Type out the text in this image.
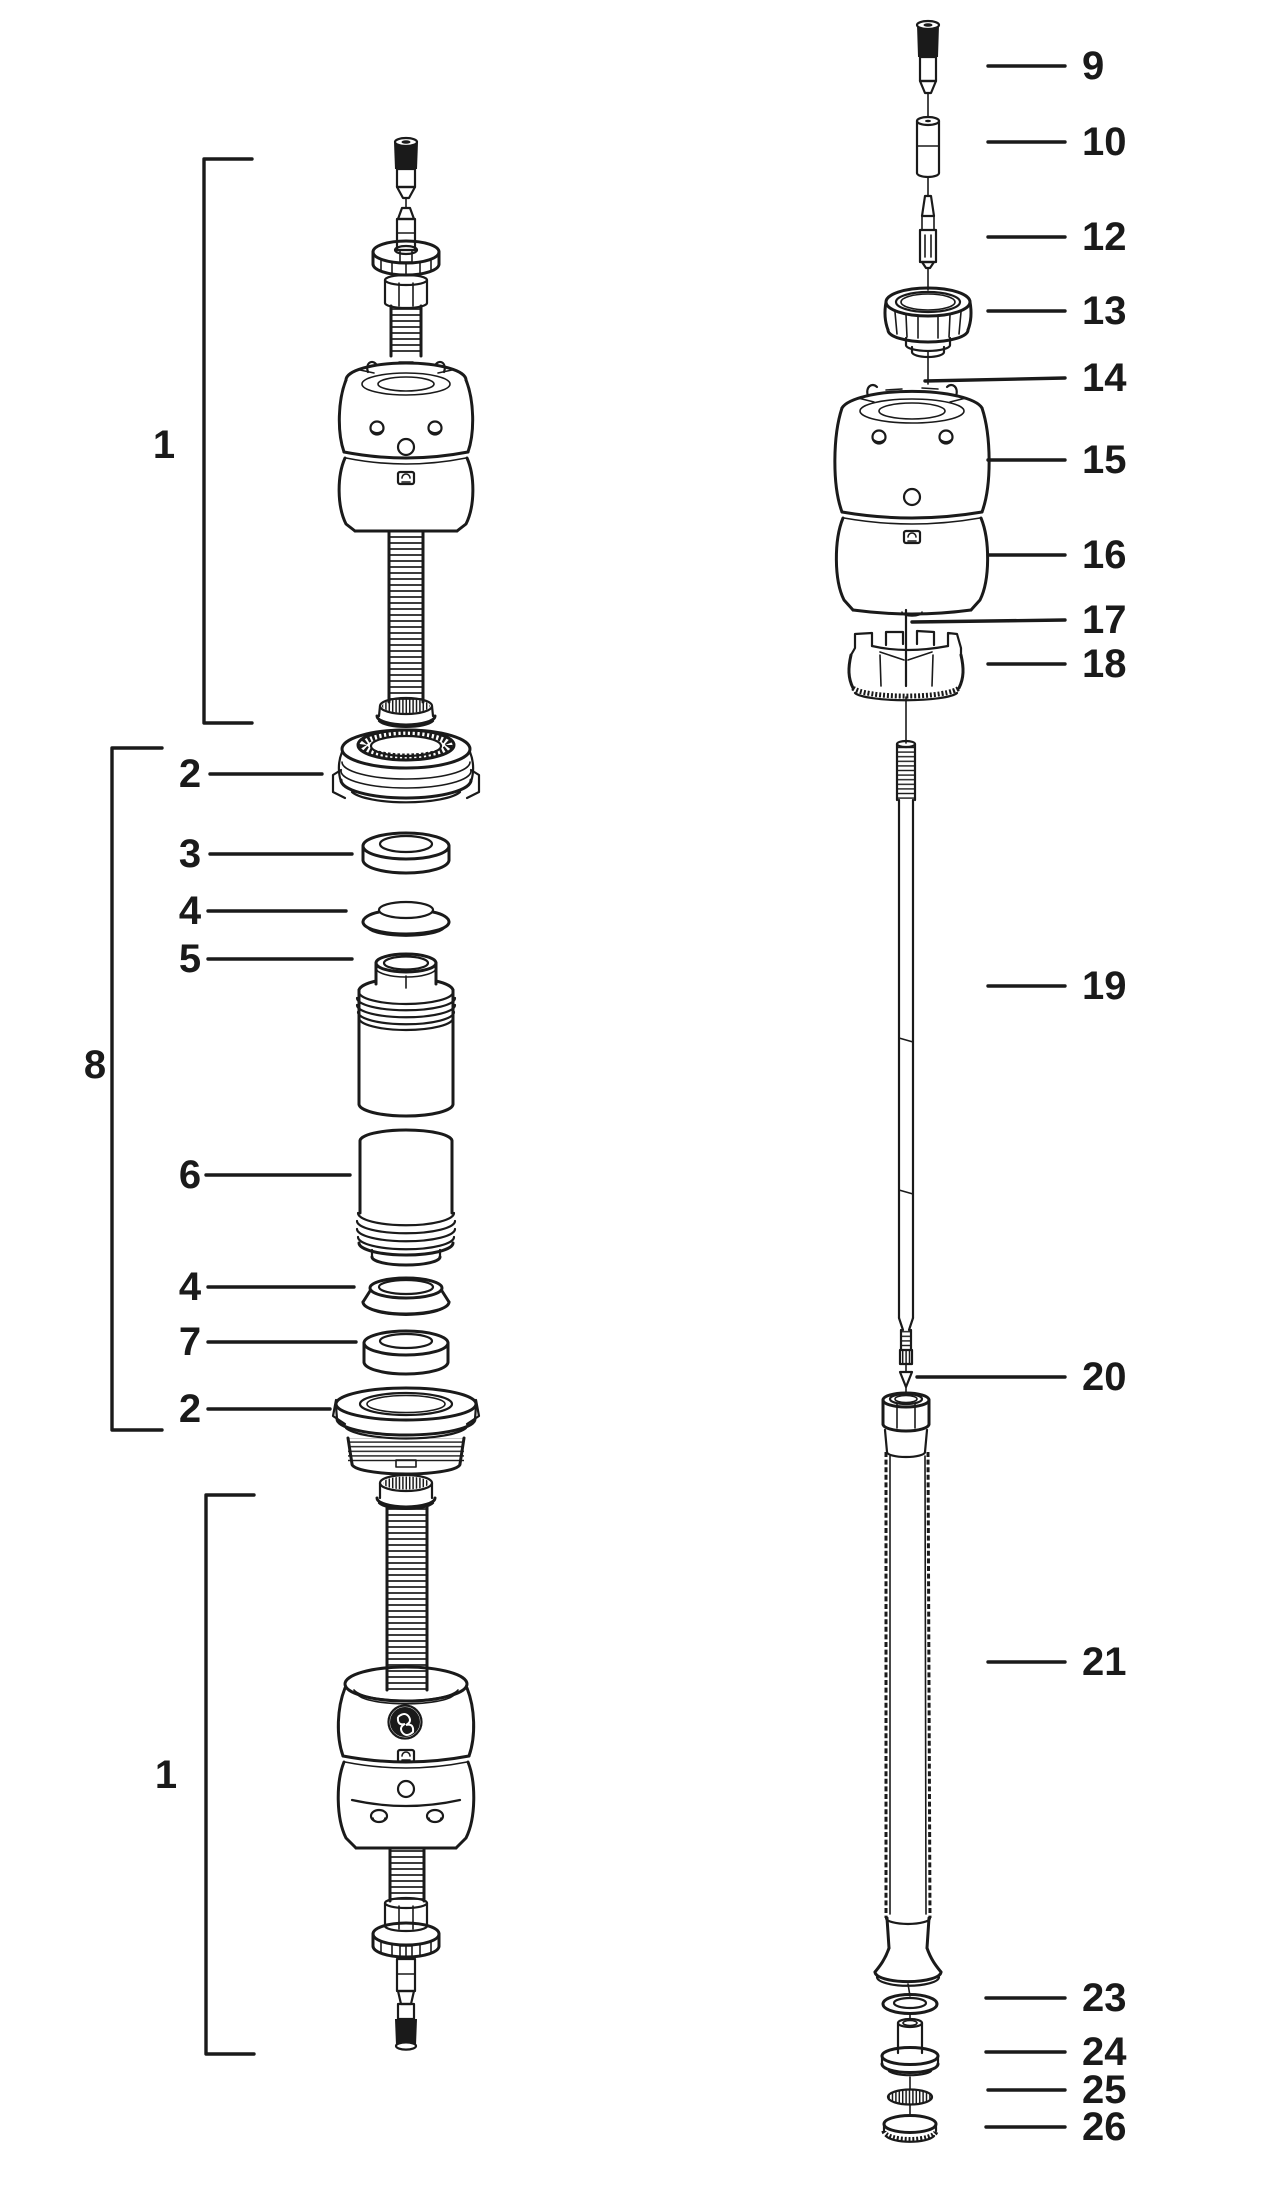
2
3
4
5
6
4
7
2
9
10
12
13
14
15
16
17
18
19
20
21
23
24
25
26
1
8
1
